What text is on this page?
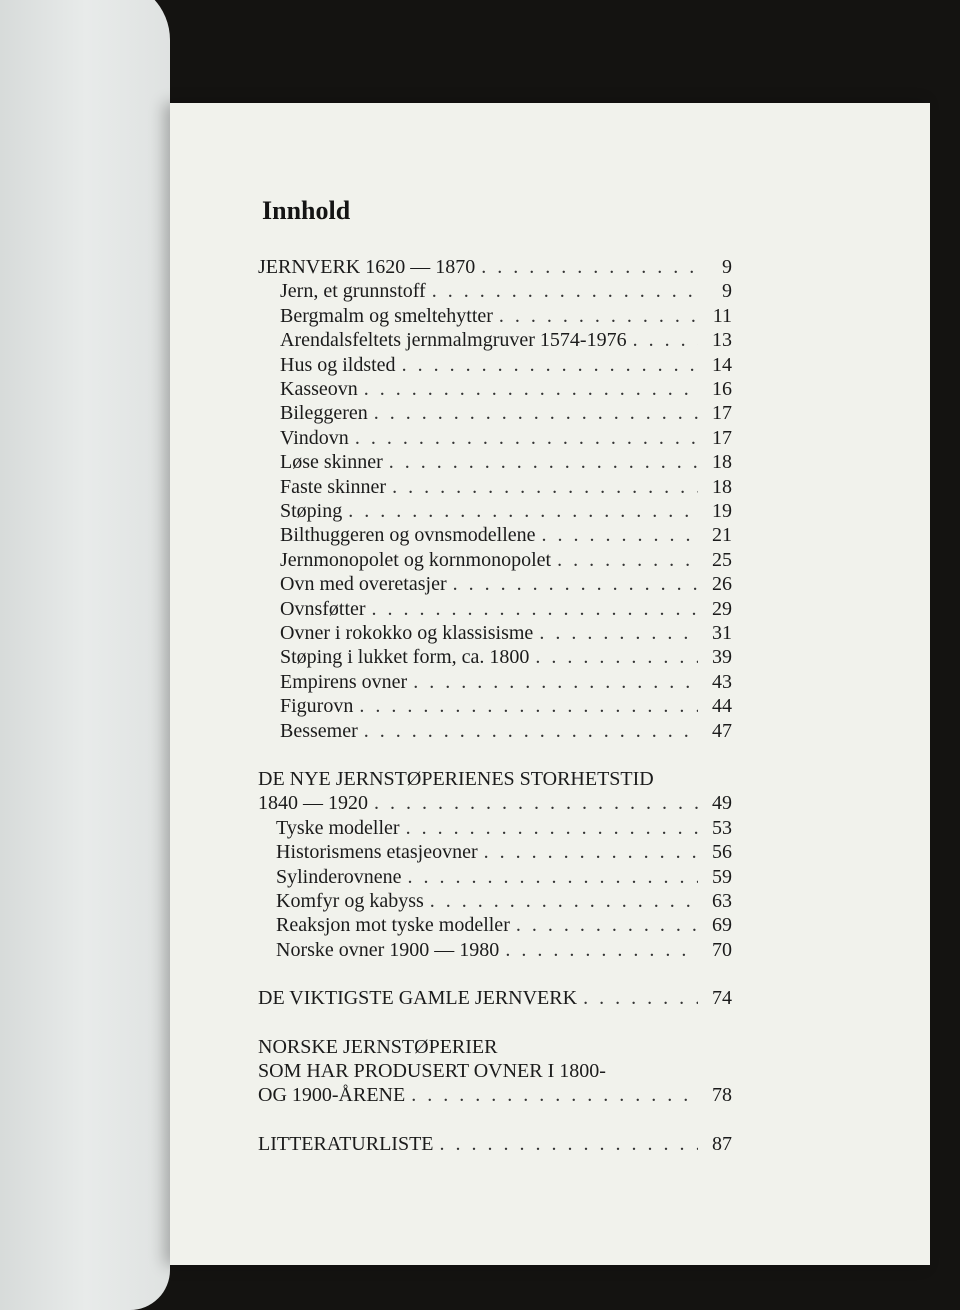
Innhold
JERNVERK 1620 — 1870 . . .	9
Jern, et grunnstoff . . .	9
Bergmalm og smeltehytter . . .	11
Arendalsfeltets jernmalmgruver 1574-1976 . . .	13
Hus og ildsted . . .	14
Kasseovn . . .	16
Bileggeren . . .	17
Vindovn . . .	17
Løse skinner . . .	18
Faste skinner . . .	18
Støping . . .	19
Bilthuggeren og ovnsmodellene . . .	21
Jernmonopolet og kornmonopolet . . .	25
Ovn med overetasjer . . .	26
Ovnsføtter . . .	29
Ovner i rokokko og klassisisme . . .	31
Støping i lukket form, ca. 1800 . . .	39
Empirens ovner . . .	43
Figurovn . . .	44
Bessemer . . .	47
DE NYE JERNSTØPERIENES STORHETSTID
1840 — 1920 . . .	49
Tyske modeller . . .	53
Historismens etasjeovner . . .	56
Sylinderovnene . . .	59
Komfyr og kabyss . . .	63
Reaksjon mot tyske modeller . . .	69
Norske ovner 1900 — 1980 . . .	70
DE VIKTIGSTE GAMLE JERNVERK . . .	74
NORSKE JERNSTØPERIER
SOM HAR PRODUSERT OVNER I 1800-
OG 1900-ÅRENE . . .	78
LITTERATURLISTE . . .	87
